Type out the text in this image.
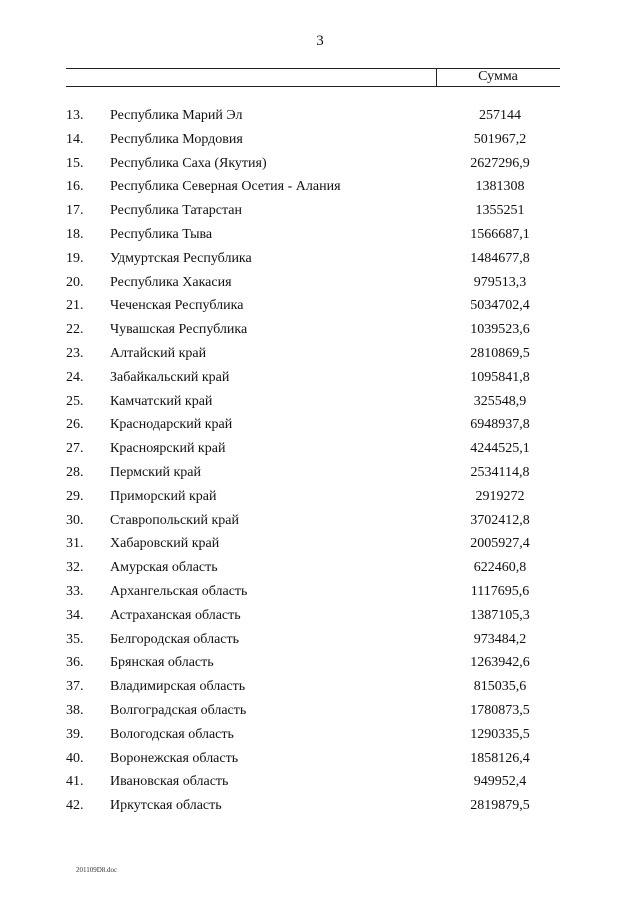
3
Сумма
13.	Республика Марий Эл	257144
14.	Республика Мордовия	501967,2
15.	Республика Саха (Якутия)	2627296,9
16.	Республика Северная Осетия - Алания	1381308
17.	Республика Татарстан	1355251
18.	Республика Тыва	1566687,1
19.	Удмуртская Республика	1484677,8
20.	Республика Хакасия	979513,3
21.	Чеченская Республика	5034702,4
22.	Чувашская Республика	1039523,6
23.	Алтайский край	2810869,5
24.	Забайкальский край	1095841,8
25.	Камчатский край	325548,9
26.	Краснодарский край	6948937,8
27.	Красноярский край	4244525,1
28.	Пермский край	2534114,8
29.	Приморский край	2919272
30.	Ставропольский край	3702412,8
31.	Хабаровский край	2005927,4
32.	Амурская область	622460,8
33.	Архангельская область	1117695,6
34.	Астраханская область	1387105,3
35.	Белгородская область	973484,2
36.	Брянская область	1263942,6
37.	Владимирская область	815035,6
38.	Волгоградская область	1780873,5
39.	Вологодская область	1290335,5
40.	Воронежская область	1858126,4
41.	Ивановская область	949952,4
42.	Иркутская область	2819879,5
201109D8.doc
